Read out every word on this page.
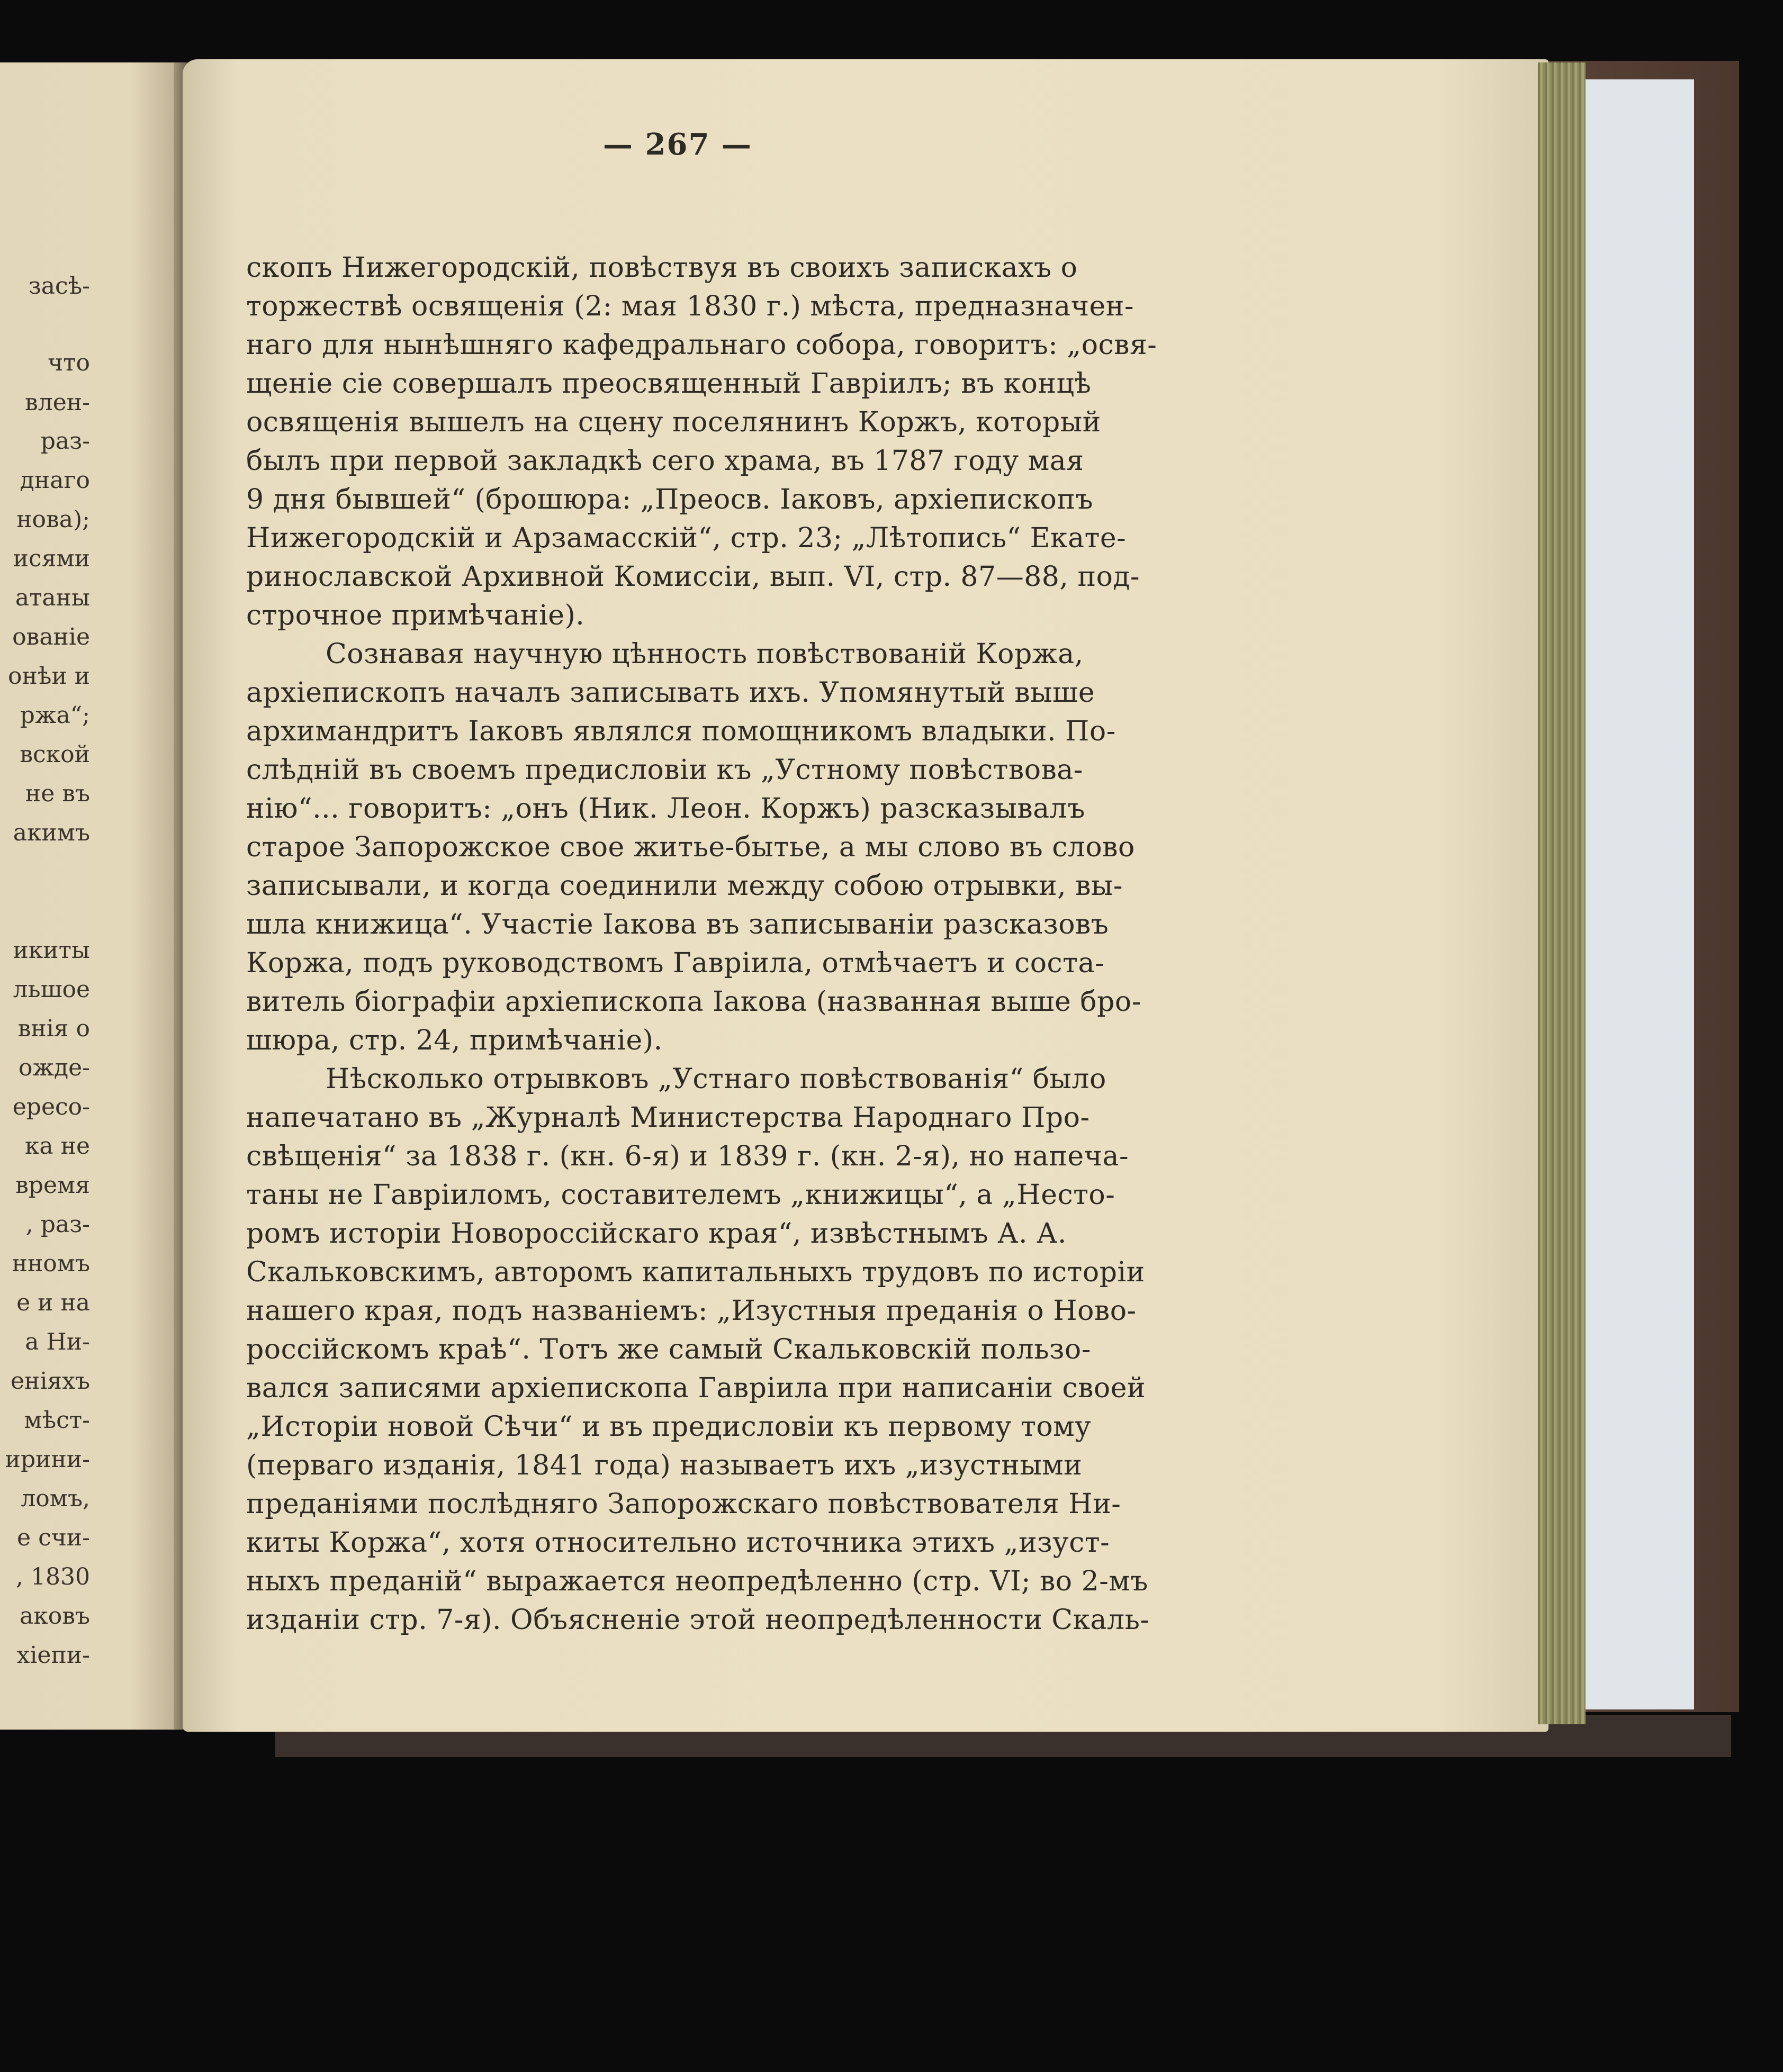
засѣ-
что
влен-
раз-
днаго
нова);
исями
атаны
ованіе
онѣи и
ржа“;
вской
не въ
акимъ
икиты
льшое
внія о
ожде-
ересо-
ка не
время
, раз-
нномъ
е и на
а Ни-
еніяхъ
мѣст-
ирини-
ломъ,
е счи-
, 1830
аковъ
хіепи-
— 267 —
скопъ Нижегородскій, повѣствуя въ своихъ запискахъ о
торжествѣ освященія (2: мая 1830 г.) мѣста, предназначен-
наго для нынѣшняго кафедральнаго собора, говоритъ: „освя-
щеніе сіе совершалъ преосвященный Гавріилъ; въ концѣ
освященія вышелъ на сцену поселянинъ Коржъ, который
былъ при первой закладкѣ сего храма, въ 1787 году мая
9 дня бывшей“ (брошюра: „Преосв. Іаковъ, архіепископъ
Нижегородскій и Арзамасскій“, стр. 23; „Лѣтопись“ Екате-
ринославской Архивной Комиссіи, вып. VI, стр. 87—88, под-
строчное примѣчаніе).
Сознавая научную цѣнность повѣствованій Коржа,
архіепископъ началъ записывать ихъ. Упомянутый выше
архимандритъ Іаковъ являлся помощникомъ владыки. По-
слѣдній въ своемъ предисловіи къ „Устному повѣствова-
нію“... говоритъ: „онъ (Ник. Леон. Коржъ) разсказывалъ
старое Запорожское свое житье-бытье, а мы слово въ слово
записывали, и когда соединили между собою отрывки, вы-
шла книжица“. Участіе Іакова въ записываніи разсказовъ
Коржа, подъ руководствомъ Гавріила, отмѣчаетъ и соста-
витель біографіи архіепископа Іакова (названная выше бро-
шюра, стр. 24, примѣчаніе).
Нѣсколько отрывковъ „Устнаго повѣствованія“ было
напечатано въ „Журналѣ Министерства Народнаго Про-
свѣщенія“ за 1838 г. (кн. 6-я) и 1839 г. (кн. 2-я), но напеча-
таны не Гавріиломъ, составителемъ „книжицы“, а „Несто-
ромъ исторіи Новороссійскаго края“, извѣстнымъ А. А.
Скальковскимъ, авторомъ капитальныхъ трудовъ по исторіи
нашего края, подъ названіемъ: „Изустныя преданія о Ново-
россійскомъ краѣ“. Тотъ же самый Скальковскій пользо-
вался записями архіепископа Гавріила при написаніи своей
„Исторіи новой Сѣчи“ и въ предисловіи къ первому тому
(перваго изданія, 1841 года) называетъ ихъ „изустными
преданіями послѣдняго Запорожскаго повѣствователя Ни-
киты Коржа“, хотя относительно источника этихъ „изуст-
ныхъ преданій“ выражается неопредѣленно (стр. VI; во 2-мъ
изданіи стр. 7-я). Объясненіе этой неопредѣленности Скаль-
